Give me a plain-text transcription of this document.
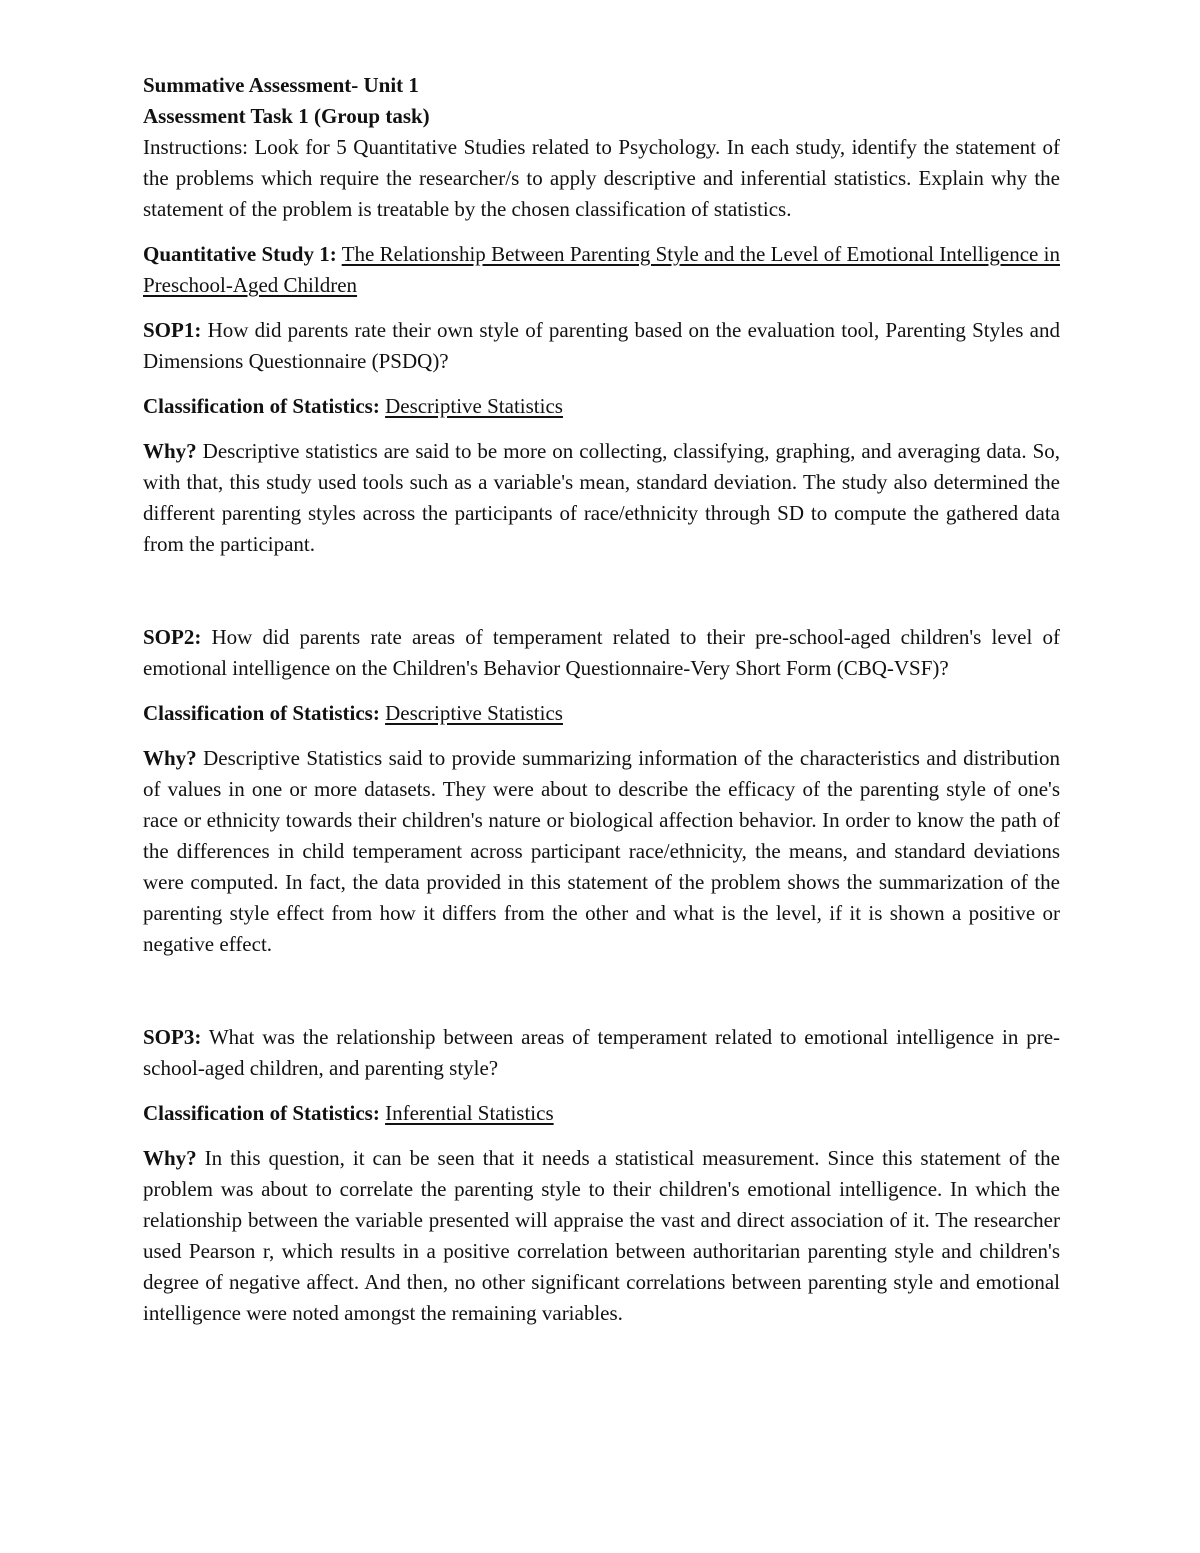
Summative Assessment- Unit 1

Assessment Task 1 (Group task)

Instructions: Look for 5 Quantitative Studies related to Psychology. In each study, identify the statement of the problems which require the researcher/s to apply descriptive and inferential statistics. Explain why the statement of the problem is treatable by the chosen classification of statistics.

Quantitative Study 1: The Relationship Between Parenting Style and the Level of Emotional Intelligence in Preschool-Aged Children

SOP1: How did parents rate their own style of parenting based on the evaluation tool, Parenting Styles and Dimensions Questionnaire (PSDQ)?

Classification of Statistics: Descriptive Statistics

Why? Descriptive statistics are said to be more on collecting, classifying, graphing, and averaging data. So, with that, this study used tools such as a variable's mean, standard deviation. The study also determined the different parenting styles across the participants of race/ethnicity through SD to compute the gathered data from the participant.

SOP2: How did parents rate areas of temperament related to their pre-school-aged children's level of emotional intelligence on the Children's Behavior Questionnaire-Very Short Form (CBQ-VSF)?

Classification of Statistics: Descriptive Statistics

Why? Descriptive Statistics said to provide summarizing information of the characteristics and distribution of values in one or more datasets. They were about to describe the efficacy of the parenting style of one's race or ethnicity towards their children's nature or biological affection behavior. In order to know the path of the differences in child temperament across participant race/ethnicity, the means, and standard deviations were computed. In fact, the data provided in this statement of the problem shows the summarization of the parenting style effect from how it differs from the other and what is the level, if it is shown a positive or negative effect.

SOP3: What was the relationship between areas of temperament related to emotional intelligence in pre-school-aged children, and parenting style?

Classification of Statistics: Inferential Statistics

Why? In this question, it can be seen that it needs a statistical measurement. Since this statement of the problem was about to correlate the parenting style to their children's emotional intelligence. In which the relationship between the variable presented will appraise the vast and direct association of it. The researcher used Pearson r, which results in a positive correlation between authoritarian parenting style and children's degree of negative affect. And then, no other significant correlations between parenting style and emotional intelligence were noted amongst the remaining variables.
